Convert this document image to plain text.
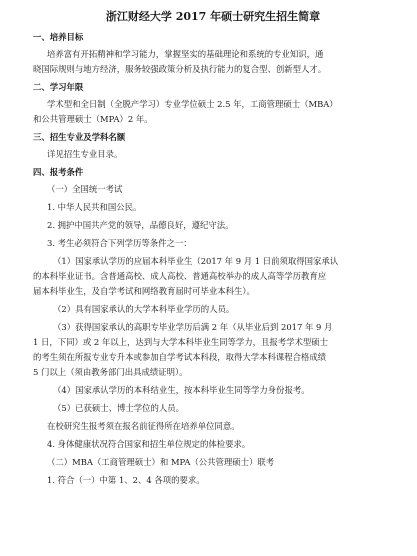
浙江财经大学 2017 年硕士研究生招生简章
一、培养目标
培养富有开拓精神和学习能力，掌握坚实的基础理论和系统的专业知识，通
晓国际规则与地方经济，服务较强政策分析及执行能力的复合型、创新型人才。
二、学习年限
学术型和全日制（全脱产学习）专业学位硕士 2.5 年，工商管理硕士（MBA）
和公共管理硕士（MPA）2 年。
三、招生专业及学科名额
详见招生专业目录。
四、报考条件
（一）全国统一考试
1. 中华人民共和国公民。
2. 拥护中国共产党的领导，品德良好，遵纪守法。
3. 考生必须符合下列学历等条件之一：
（1）国家承认学历的应届本科毕业生（2017 年 9 月 1 日前须取得国家承认
的本科毕业证书。含普通高校、成人高校、普通高校举办的成人高等学历教育应
届本科毕业生，及自学考试和网络教育届时可毕业本科生）。
（2）具有国家承认的大学本科毕业学历的人员。
（3）获得国家承认的高职专毕业学历后满 2 年（从毕业后到 2017 年 9 月
1 日，下同）或 2 年以上，达到与大学本科毕业生同等学力，且报考学术型硕士
的考生须在所报专业专升本或参加自学考试本科段，取得大学本科课程合格成绩
5 门以上（须由教务部门出具成绩证明）。
（4）国家承认学历的本科结业生，按本科毕业生同等学力身份报考。
（5）已获硕士、博士学位的人员。
在校研究生报考须在报名前征得所在培养单位同意。
4. 身体健康状况符合国家和招生单位规定的体检要求。
（二）MBA（工商管理硕士）和 MPA（公共管理硕士）联考
1. 符合（一）中第 1、2、4 各项的要求。
